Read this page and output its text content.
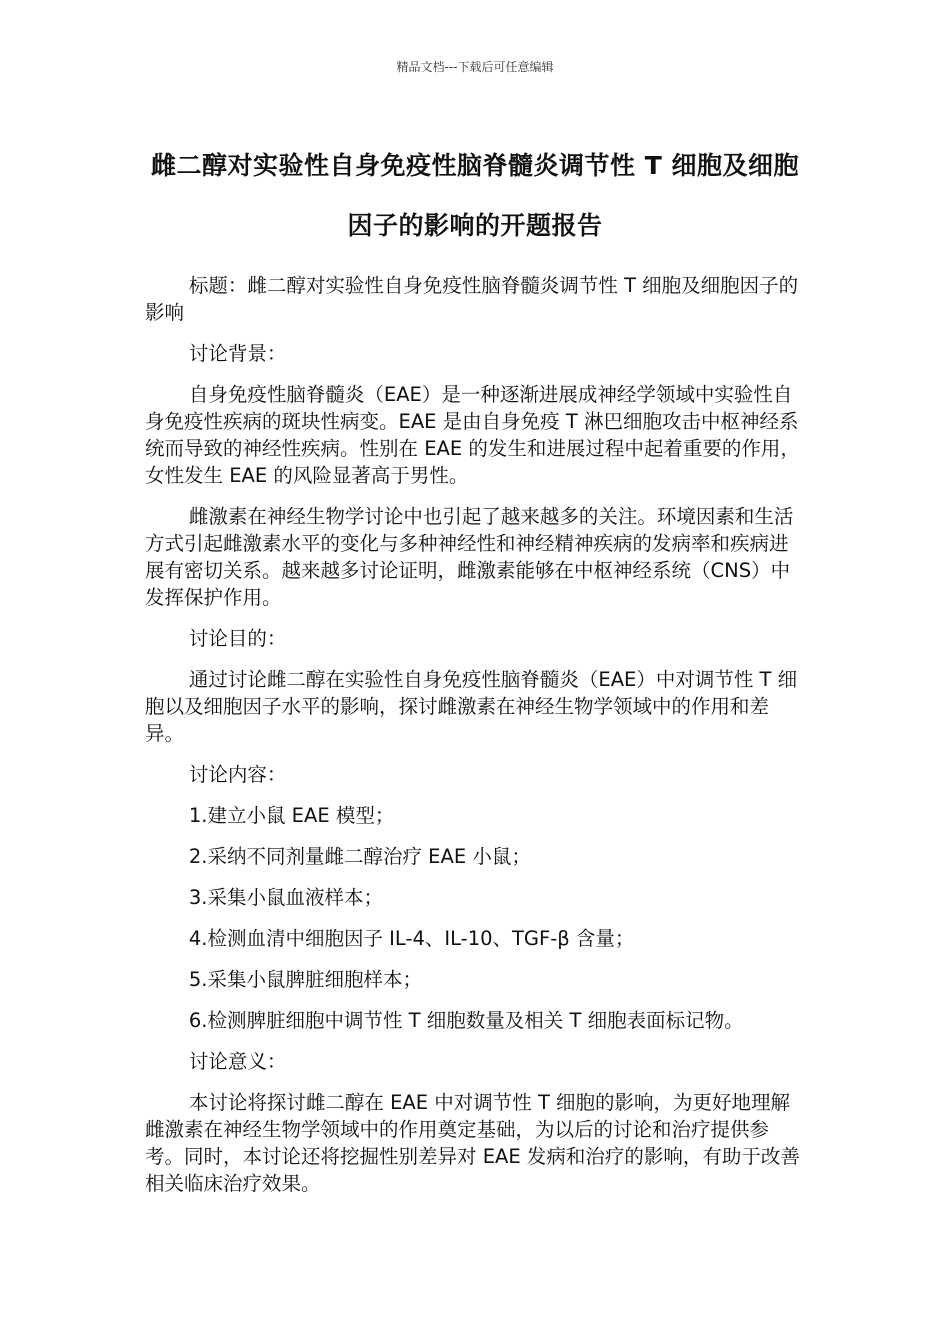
精品文档---下载后可任意编辑
雌二醇对实验性自身免疫性脑脊髓炎调节性 T 细胞及细胞因子的影响的开题报告

标题：雌二醇对实验性自身免疫性脑脊髓炎调节性 T 细胞及细胞因子的影响

讨论背景：

自身免疫性脑脊髓炎（EAE）是一种逐渐进展成神经学领域中实验性自身免疫性疾病的斑块性病变。EAE 是由自身免疫 T 淋巴细胞攻击中枢神经系统而导致的神经性疾病。性别在 EAE 的发生和进展过程中起着重要的作用，女性发生 EAE 的风险显著高于男性。

雌激素在神经生物学讨论中也引起了越来越多的关注。环境因素和生活方式引起雌激素水平的变化与多种神经性和神经精神疾病的发病率和疾病进展有密切关系。越来越多讨论证明，雌激素能够在中枢神经系统（CNS）中发挥保护作用。

讨论目的：

通过讨论雌二醇在实验性自身免疫性脑脊髓炎（EAE）中对调节性 T 细胞以及细胞因子水平的影响，探讨雌激素在神经生物学领域中的作用和差异。

讨论内容：

1.建立小鼠 EAE 模型；

2.采纳不同剂量雌二醇治疗 EAE 小鼠；

3.采集小鼠血液样本；

4.检测血清中细胞因子 IL-4、IL-10、TGF-β 含量；

5.采集小鼠脾脏细胞样本；

6.检测脾脏细胞中调节性 T 细胞数量及相关 T 细胞表面标记物。

讨论意义：

本讨论将探讨雌二醇在 EAE 中对调节性 T 细胞的影响，为更好地理解雌激素在神经生物学领域中的作用奠定基础，为以后的讨论和治疗提供参考。同时，本讨论还将挖掘性别差异对 EAE 发病和治疗的影响，有助于改善相关临床治疗效果。
